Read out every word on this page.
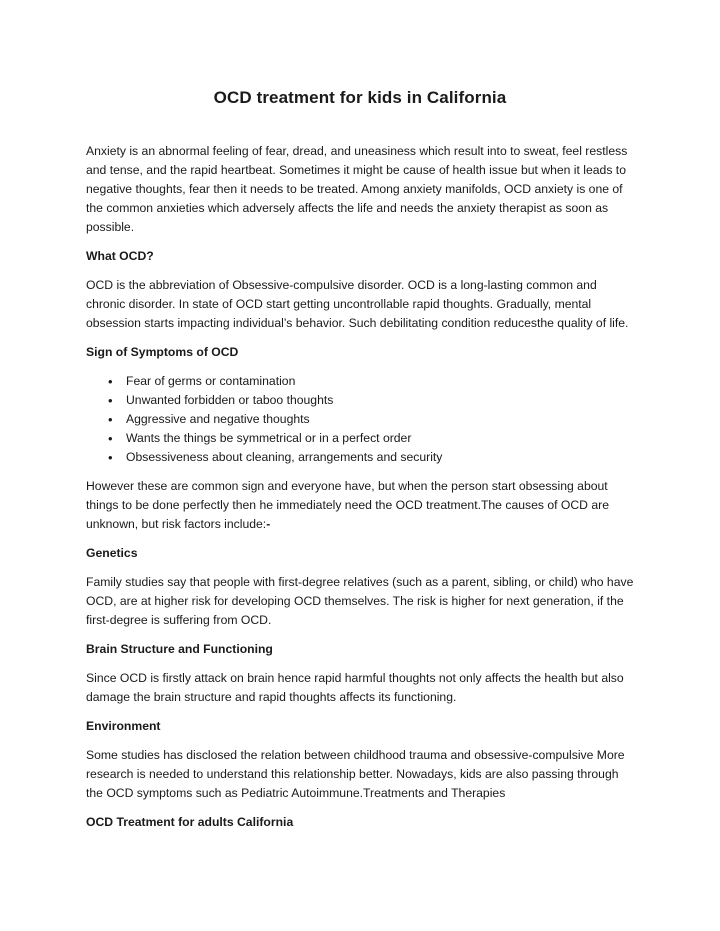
OCD treatment for kids in California

Anxiety is an abnormal feeling of fear, dread, and uneasiness which result into to sweat, feel restless and tense, and the rapid heartbeat. Sometimes it might be cause of health issue but when it leads to negative thoughts, fear then it needs to be treated. Among anxiety manifolds, OCD anxiety is one of the common anxieties which adversely affects the life and needs the anxiety therapist as soon as possible.

What OCD?

OCD is the abbreviation of Obsessive-compulsive disorder. OCD is a long-lasting common and chronic disorder. In state of OCD start getting uncontrollable rapid thoughts. Gradually, mental obsession starts impacting individual’s behavior. Such debilitating condition reducesthe quality of life.

Sign of Symptoms of OCD
• Fear of germs or contamination
• Unwanted forbidden or taboo thoughts
• Aggressive and negative thoughts
• Wants the things be symmetrical or in a perfect order
• Obsessiveness about cleaning, arrangements and security

However these are common sign and everyone have, but when the person start obsessing about things to be done perfectly then he immediately need the OCD treatment.The causes of OCD are unknown, but risk factors include:-

Genetics

Family studies say that people with first-degree relatives (such as a parent, sibling, or child) who have OCD, are at higher risk for developing OCD themselves. The risk is higher for next generation, if the first-degree is suffering from OCD.

Brain Structure and Functioning

Since OCD is firstly attack on brain hence rapid harmful thoughts not only affects the health but also damage the brain structure and rapid thoughts affects its functioning.

Environment

Some studies has disclosed the relation between childhood trauma and obsessive-compulsive More research is needed to understand this relationship better. Nowadays, kids are also passing through the OCD symptoms such as Pediatric Autoimmune.Treatments and Therapies

OCD Treatment for adults California
